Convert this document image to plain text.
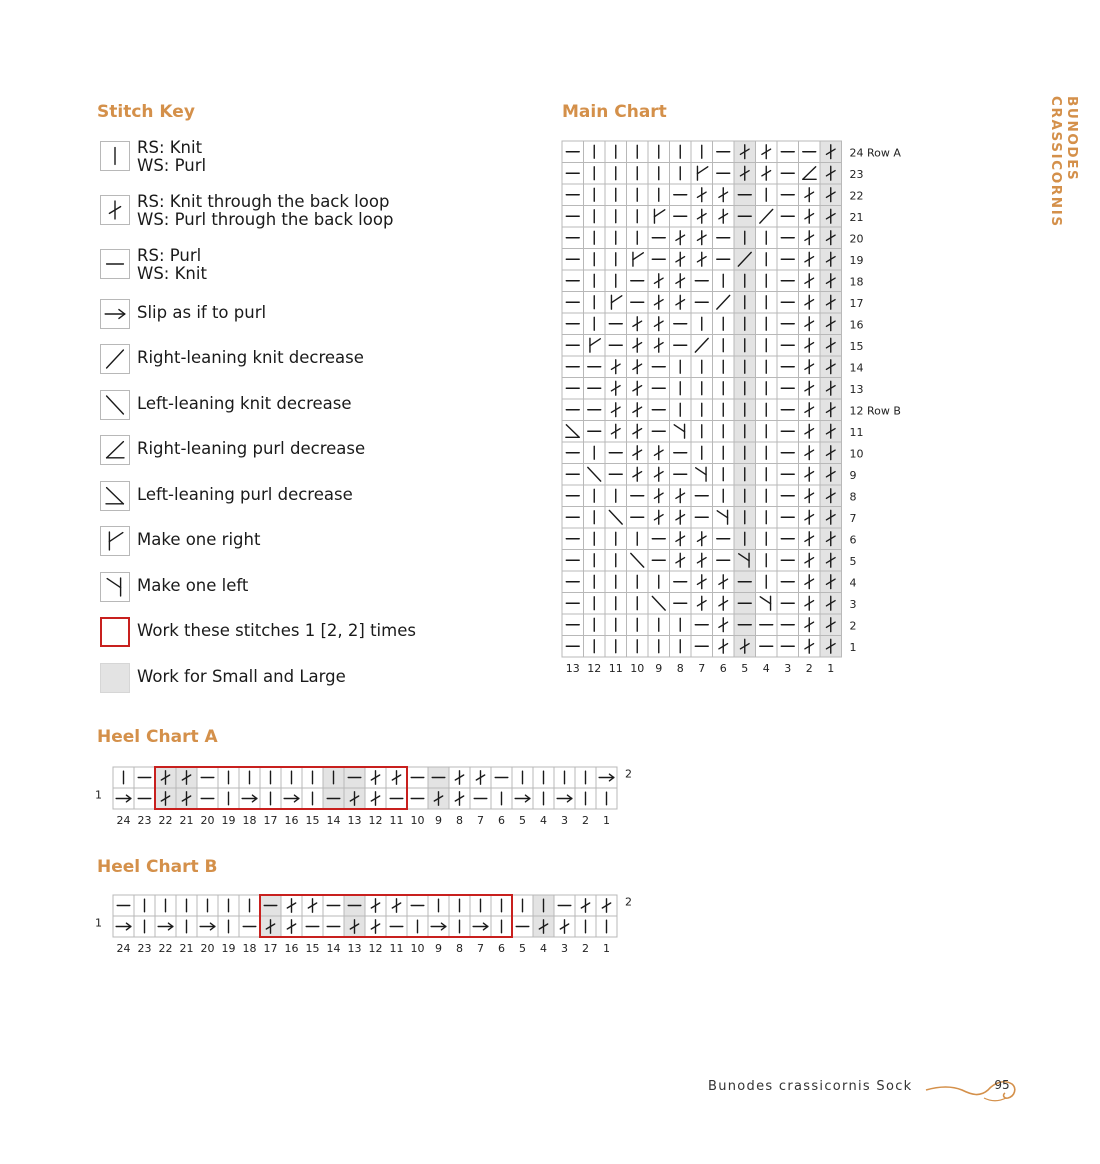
BUNODES CRASSICORNIS
Stitch Key	Main Chart
Heel Chart A
Heel Chart B
RS: Knit
WS: Purl
RS: Knit through the back loop
WS: Purl through the back loop
RS: Purl
WS: Knit
Slip as if to purl
Right-leaning knit decrease
Left-leaning knit decrease
Right-leaning purl decrease
Left-leaning purl decrease
Make one right
Make one left
Work these stitches 1 [2, 2] times
Work for Small and Large
24 Row A
23
22
21
20
19
18
17
16
15
14
13
12 Row B
11
10
9
8
7
6
5
4
3
2
1
13 12 11 10 9 8 7 6 5 4 3 2 1
2
1
24 23 22 21 20 19 18 17 16 15 14 13 12 11 10 9 8 7 6 5 4 3 2 1
2
1
24 23 22 21 20 19 18 17 16 15 14 13 12 11 10 9 8 7 6 5 4 3 2 1
Bunodes crassicornis Sock	95
